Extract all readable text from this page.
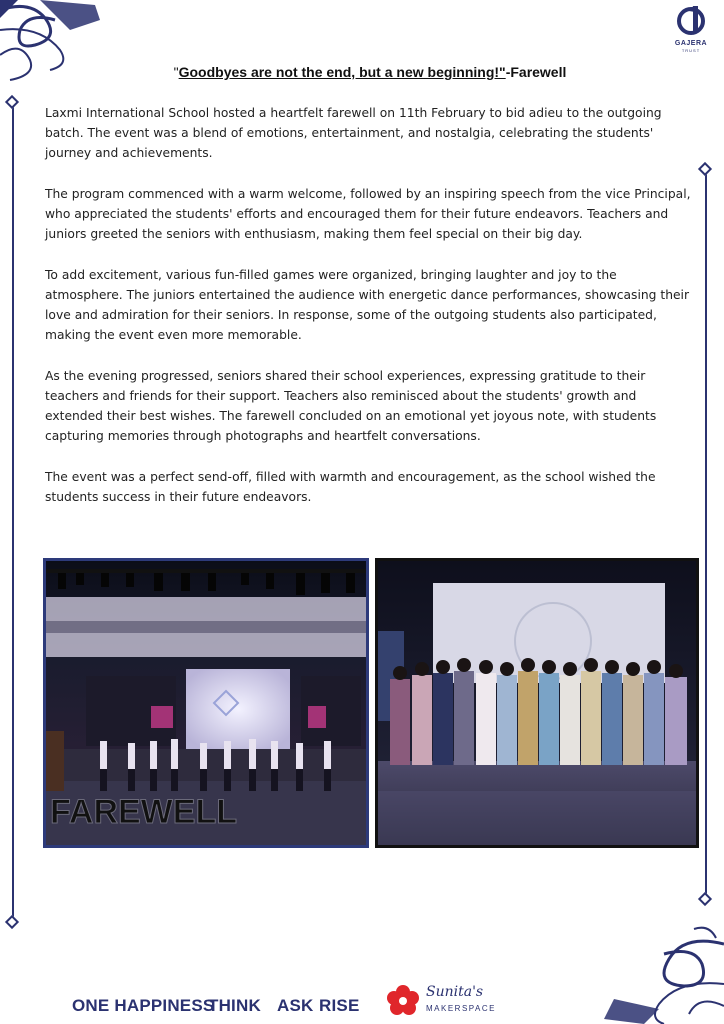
GAJERA
TRUST
"Goodbyes are not the end, but a new beginning!"-Farewell

Laxmi International School hosted a heartfelt farewell on 11th February to bid adieu to the outgoing batch. The event was a blend of emotions, entertainment, and nostalgia, celebrating the students' journey and achievements.

The program commenced with a warm welcome, followed by an inspiring speech from the vice Principal, who appreciated the students' efforts and encouraged them for their future endeavors. Teachers and juniors greeted the seniors with enthusiasm, making them feel special on their big day.

To add excitement, various fun-filled games were organized, bringing laughter and joy to the atmosphere. The juniors entertained the audience with energetic dance performances, showcasing their love and admiration for their seniors. In response, some of the outgoing students also participated, making the event even more memorable.

As the evening progressed, seniors shared their school experiences, expressing gratitude to their teachers and friends for their support. Teachers also reminisced about the students' growth and extended their best wishes. The farewell concluded on an emotional yet joyous note, with students capturing memories through photographs and heartfelt conversations.

The event was a perfect send-off, filled with warmth and encouragement, as the school wished the students success in their future endeavors.

FAREWELL
ONE HAPPINESS
THINK ASK RISE
Sunita's
MAKERSPACE
